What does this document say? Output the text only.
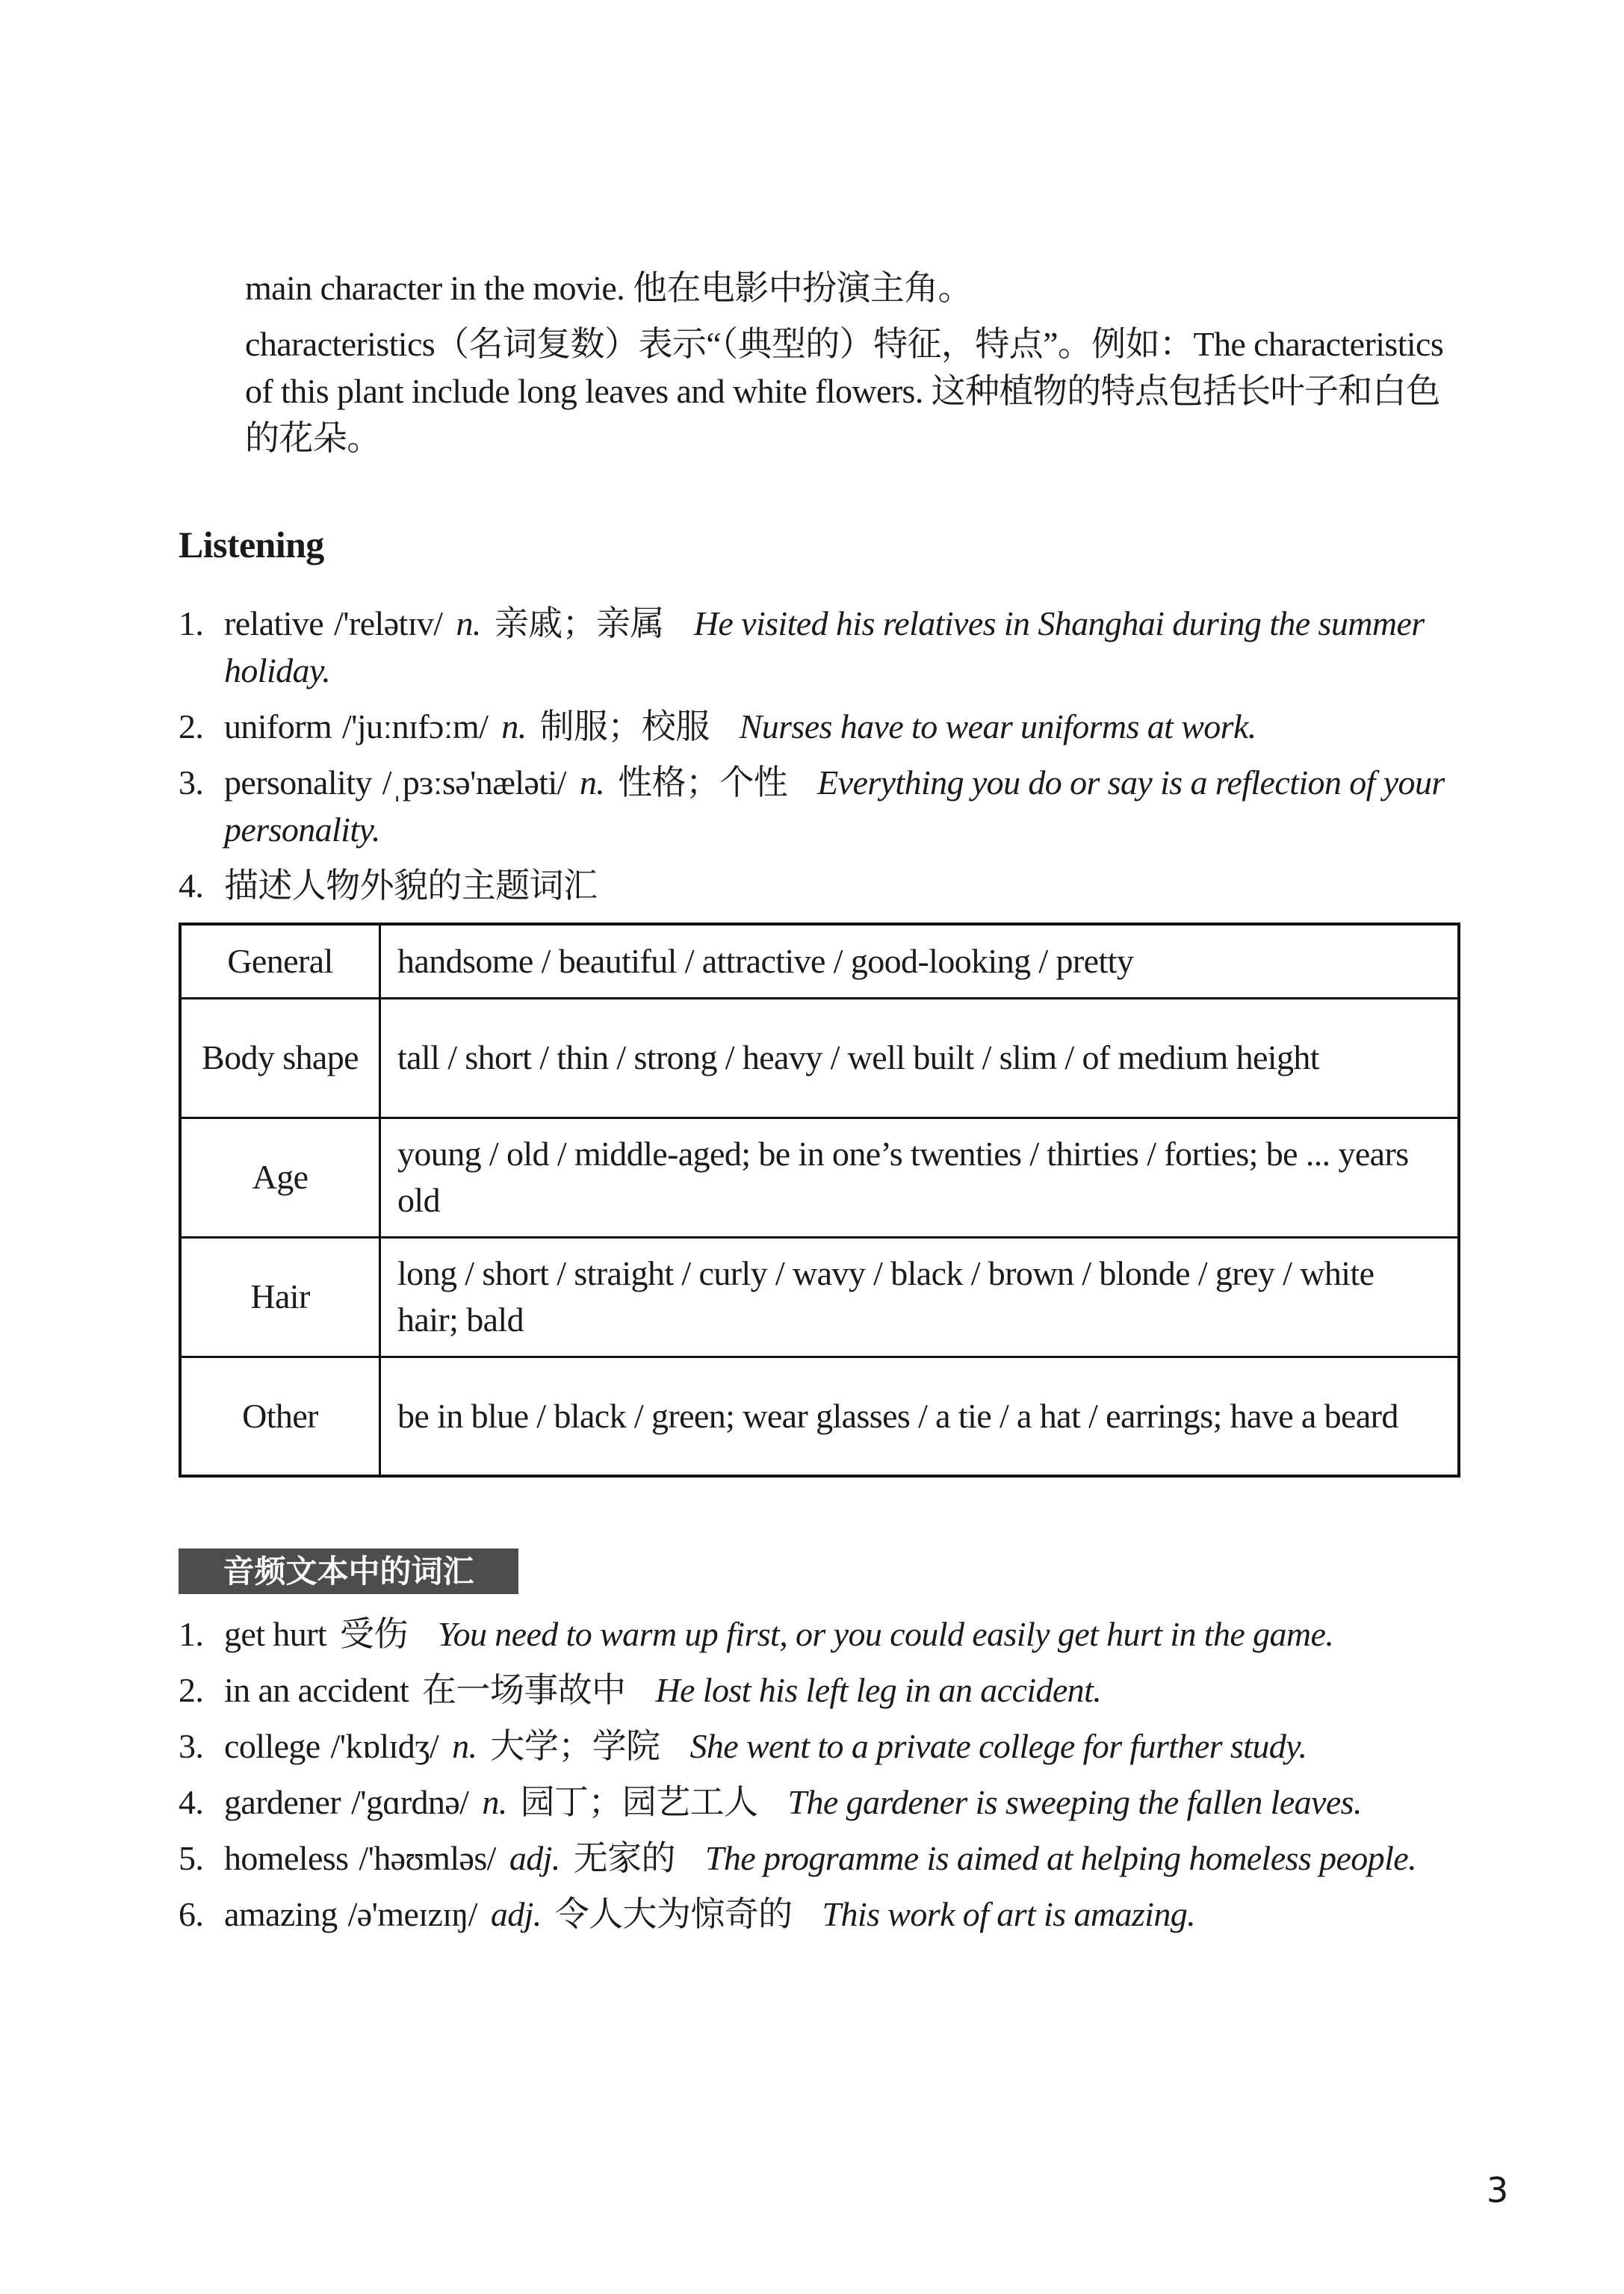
main character in the movie. 他在电影中扮演主角。

characteristics（名词复数）表示“（典型的）特征，特点”。例如：The characteristics of this plant include long leaves and white flowers. 这种植物的特点包括长叶子和白色的花朵。

Listening
1. relative /'relətɪv/ n. 亲戚；亲属 He visited his relatives in Shanghai during the summer holiday.
2. uniform /'juːnɪfɔːm/ n. 制服；校服 Nurses have to wear uniforms at work.
3. personality /ˌpɜːsə'næləti/ n. 性格；个性 Everything you do or say is a reflection of your personality.
4. 描述人物外貌的主题词汇
General	handsome / beautiful / attractive / good-looking / pretty
Body shape	tall / short / thin / strong / heavy / well built / slim / of medium height
Age	young / old / middle-aged; be in one’s twenties / thirties / forties; be ... years old
Hair	long / short / straight / curly / wavy / black / brown / blonde / grey / white hair; bald
Other	be in blue / black / green; wear glasses / a tie / a hat / earrings; have a beard
音频文本中的词汇
1. get hurt 受伤 You need to warm up first, or you could easily get hurt in the game.
2. in an accident 在一场事故中 He lost his left leg in an accident.
3. college /'kɒlɪdʒ/ n. 大学；学院 She went to a private college for further study.
4. gardener /'gɑrdnə/ n. 园丁；园艺工人 The gardener is sweeping the fallen leaves.
5. homeless /'həʊmləs/ adj. 无家的 The programme is aimed at helping homeless people.
6. amazing /ə'meɪzɪŋ/ adj. 令人大为惊奇的 This work of art is amazing.
3
